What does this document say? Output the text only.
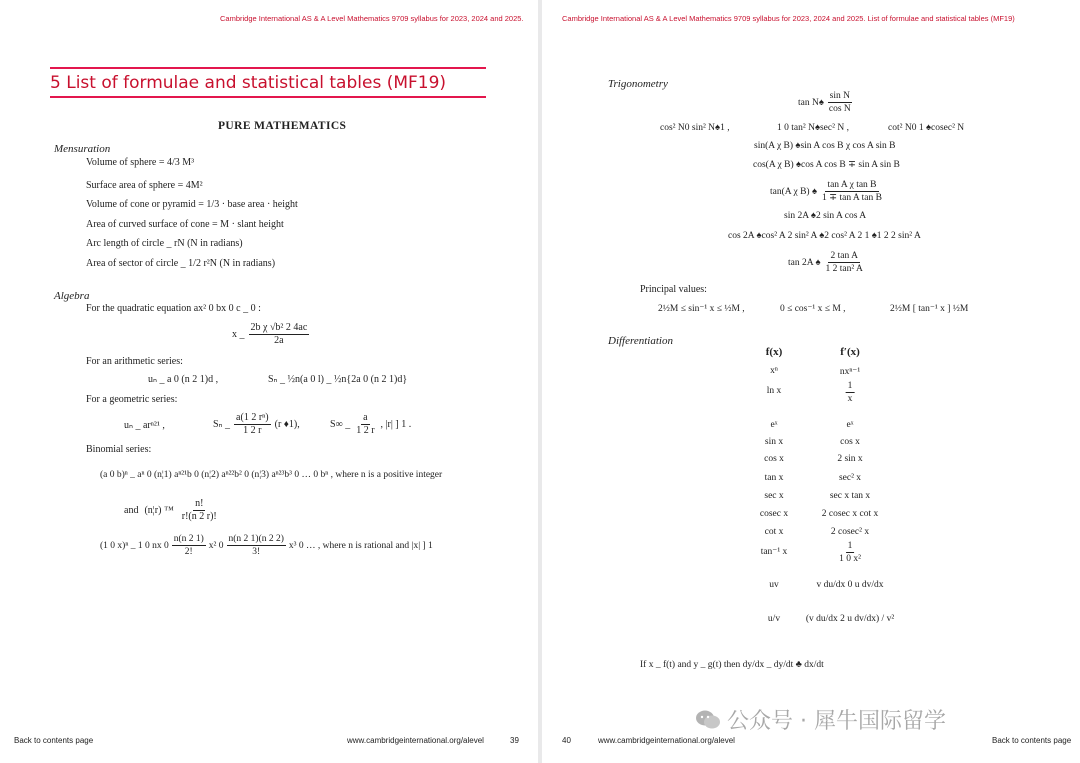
Cambridge International AS & A Level Mathematics 9709 syllabus for 2023, 2024 and 2025.
5 List of formulae and statistical tables (MF19)
PURE MATHEMATICS
Mensuration
Volume of sphere = 4/3 M³
Surface area of sphere = 4M²
Volume of cone or pyramid = 1/3 · base area · height
Area of curved surface of cone = M · slant height
Arc length of circle _ rN (N in radians)
Area of sector of circle _ 1/2 r²N (N in radians)
Algebra
For the quadratic equation ax² 0 bx 0 c _ 0 :
x _ $\frac{\text{2b χ √b² 2 4ac}}{2a}$
For an arithmetic series:
uₙ _ a 0 (n 2 1)d ,	Sₙ _ ½n(a 0 l) _ ½n{2a 0 (n 2 1)d}
For a geometric series:
uₙ _ arⁿ²¹ ,	Sₙ _ $\frac{\text{a(1 2 rⁿ)}}{1 2 r} (r$ ♦1),	S∞ _ $\frac{a}{1 2 r}$ , |r| ] 1 .
Binomial series:
(a 0 b)ⁿ _ aⁿ 0 (n¦1) aⁿ²¹b 0 (n¦2) aⁿ²²b² 0 (n¦3) aⁿ²³b³ 0 … 0 bⁿ , where n is a positive integer
and (n¦r) ™ $\frac{n!}{r!(n 2 r)!}$
(1 0 x)ⁿ _ 1 0 nx $0 \frac{n(n 2 1)}{2!} x^2$ $0 \frac{n(n 2 1)(n 2 2)}{3!} x^3$ 0 … , where n is rational and |x| ] 1
Back to contents page	www.cambridgeinternational.org/alevel	39
Cambridge International AS & A Level Mathematics 9709 syllabus for 2023, 2024 and 2025. List of formulae and statistical tables (MF19)
Trigonometry
tan N♠ $\frac{\text{sin N}}{\text{cos N}}$
cos² N0 sin² N♠1 ,	1 0 tan² N♠sec² N ,	cot² N0 1 ♠cosec² N
sin(A χ B) ♠sin A cos B χ cos A sin B
cos(A χ B) ♠cos A cos B ∓ sin A sin B
tan(A χ B) ♠ $\frac{\text{tan A χ tan B}}{\text{1 ∓ tan A tan B}}$
sin 2A ♠2 sin A cos A
cos 2A ♠cos² A 2 sin² A ♠2 cos² A 2 1 ♠1 2 2 sin² A
tan 2A ♠ $\frac{\text{2 tan A}}{\text{1 2 tan² A}}$
Principal values:
2½M ≤ sin⁻¹ x ≤ ½M ,	0 ≤ cos⁻¹ x ≤ M ,	2½M [ tan⁻¹ x ] ½M
Differentiation
f(x)	f′(x)
xⁿ	nxⁿ⁻¹
ln x	$\frac{1}{x}$
eˣ	eˣ
sin x	cos x
cos x	2 sin x
tan x	sec² x
sec x	sec x tan x
cosec x	2 cosec x cot x
cot x	2 cosec² x
tan⁻¹ x	$\frac{1}{\text{1 0 x²}}$
uv	v du/dx 0 u dv/dx
u/v	(v du/dx 2 u dv/dx) / v²
If x _ f(t) and y _ g(t) then dy/dx _ dy/dt ♣ dx/dt
40	www.cambridgeinternational.org/alevel	Back to contents page
公众号 · 犀牛国际留学
